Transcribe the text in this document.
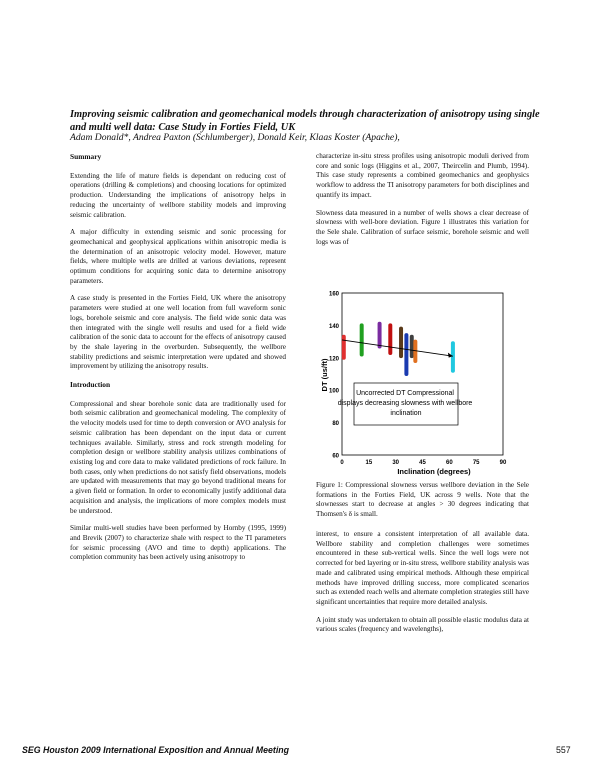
Improving seismic calibration and geomechanical models through characterization of anisotropy using single and multi well data: Case Study in Forties Field, UK
Adam Donald*, Andrea Paxton (Schlumberger), Donald Keir, Klaas Koster (Apache),
Summary

Extending the life of mature fields is dependant on reducing cost of operations (drilling & completions) and choosing locations for optimized production. Understanding the implications of anisotropy helps in reducing the uncertainty of wellbore stability models and improving seismic calibration.

A major difficulty in extending seismic and sonic processing for geomechanical and geophysical applications within anisotropic media is the determination of an anisotropic velocity model. However, mature fields, where multiple wells are drilled at various deviations, represent optimum conditions for acquiring sonic data to determine anisotropy parameters.

A case study is presented in the Forties Field, UK where the anisotropy parameters were studied at one well location from full waveform sonic logs, borehole seismic and core analysis. The field wide sonic data was then integrated with the single well results and used for a field wide calibration of the sonic data to account for the effects of anisotropy caused by the shale layering in the overburden. Subsequently, the wellbore stability predictions and seismic interpretation were updated and showed improvement by utilizing the anisotropy results.

Introduction

Compressional and shear borehole sonic data are traditionally used for both seismic calibration and geomechanical modeling. The complexity of the velocity models used for time to depth conversion or AVO analysis for seismic calibration has been dependant on the input data or current techniques available. Similarly, stress and rock strength modeling for completion design or wellbore stability analysis utilizes combinations of existing log and core data to make validated predictions of rock failure. In both cases, only when predictions do not satisfy field observations, models are updated with measurements that may go beyond traditional means for a given field or formation. In order to economically justify additional data acquisition and analysis, the implications of more complex models must be understood.

Similar multi-well studies have been performed by Hornby (1995, 1999) and Brevik (2007) to characterize shale with respect to the TI parameters for seismic processing (AVO and time to depth) applications. The completion community has been actively using anisotropy to

characterize in-situ stress profiles using anisotropic moduli derived from core and sonic logs (Higgins et al., 2007, Theircelin and Plumb, 1994). This case study represents a combined geomechanics and geophysics workflow to address the TI anisotropy parameters for both disciplines and quantify its impact.

Slowness data measured in a number of wells shows a clear decrease of slowness with well-bore deviation. Figure 1 illustrates this variation for the Sele shale. Calibration of surface seismic, borehole seismic and well logs was of

60
80
100
120
140
160
0	15	30	45	60	75	90
Uncorrected DT Compressional displays decreasing slowness with wellbore inclination
Inclination (degrees)
DT (us/ft)
Figure 1: Compressional slowness versus wellbore deviation in the Sele formations in the Forties Field, UK across 9 wells. Note that the slownesses start to decrease at angles > 30 degrees indicating that Thomsen's δ is small.

interest, to ensure a consistent interpretation of all available data. Wellbore stability and completion challenges were sometimes encountered in these sub-vertical wells. Since the well logs were not corrected for bed layering or in-situ stress, wellbore stability analysis was made and calibrated using empirical methods. Although these empirical methods have improved drilling success, more complicated scenarios such as extended reach wells and alternate completion strategies still have significant uncertainties that require more detailed analysis.

A joint study was undertaken to obtain all possible elastic modulus data at various scales (frequency and wavelengths),

SEG Houston 2009 International Exposition and Annual Meeting	557
